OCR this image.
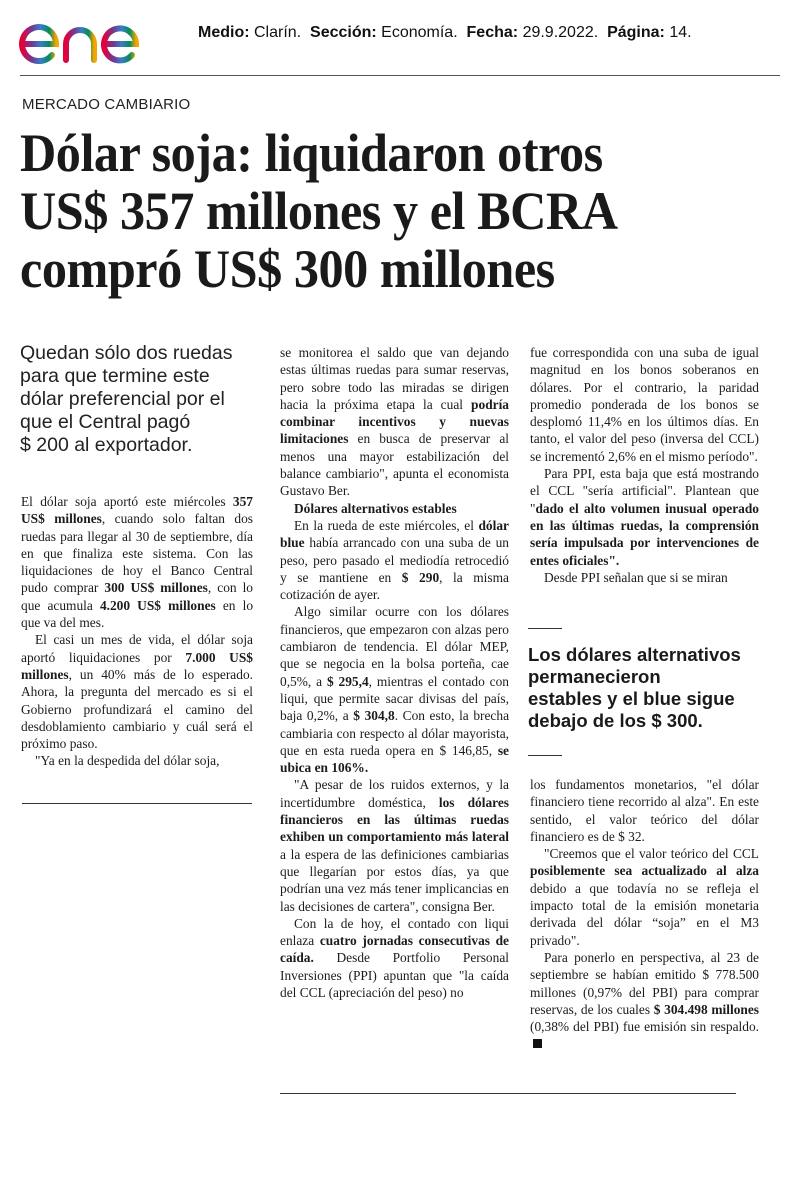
Medio: Clarín. Sección: Economía. Fecha: 29.9.2022. Página: 14.
MERCADO CAMBIARIO
Dólar soja: liquidaron otros
US$ 357 millones y el BCRA
compró US$ 300 millones
Quedan sólo dos ruedas
para que termine este
dólar preferencial por el
que el Central pagó
$ 200 al exportador.

El dólar soja aportó este miércoles 357 US$ millones, cuando solo faltan dos ruedas para llegar al 30 de septiembre, día en que finaliza este sistema. Con las liquidaciones de hoy el Banco Central pudo comprar 300 US$ millones, con lo que acumula 4.200 US$ millones en lo que va del mes.

El casi un mes de vida, el dólar soja aportó liquidaciones por 7.000 US$ millones, un 40% más de lo esperado. Ahora, la pregunta del mercado es si el Gobierno profundizará el camino del desdoblamiento cambiario y cuál será el próximo paso.

"Ya en la despedida del dólar soja,

se monitorea el saldo que van dejando estas últimas ruedas para sumar reservas, pero sobre todo las miradas se dirigen hacia la próxima etapa la cual podría combinar incentivos y nuevas limitaciones en busca de preservar al menos una mayor estabilización del balance cambiario", apunta el economista Gustavo Ber.

Dólares alternativos estables

En la rueda de este miércoles, el dólar blue había arrancado con una suba de un peso, pero pasado el mediodía retrocedió y se mantiene en $ 290, la misma cotización de ayer.

Algo similar ocurre con los dólares financieros, que empezaron con alzas pero cambiaron de tendencia. El dólar MEP, que se negocia en la bolsa porteña, cae 0,5%, a $ 295,4, mientras el contado con liqui, que permite sacar divisas del país, baja 0,2%, a $ 304,8. Con esto, la brecha cambiaria con respecto al dólar mayorista, que en esta rueda opera en $ 146,85, se ubica en 106%.

"A pesar de los ruidos externos, y la incertidumbre doméstica, los dólares financieros en las últimas ruedas exhiben un comportamiento más lateral a la espera de las definiciones cambiarias que llegarían por estos días, ya que podrían una vez más tener implicancias en las decisiones de cartera", consigna Ber.

Con la de hoy, el contado con liqui enlaza cuatro jornadas consecutivas de caída. Desde Portfolio Personal Inversiones (PPI) apuntan que "la caída del CCL (apreciación del peso) no

fue correspondida con una suba de igual magnitud en los bonos soberanos en dólares. Por el contrario, la paridad promedio ponderada de los bonos se desplomó 11,4% en los últimos días. En tanto, el valor del peso (inversa del CCL) se incrementó 2,6% en el mismo período".

Para PPI, esta baja que está mostrando el CCL "sería artificial". Plantean que "dado el alto volumen inusual operado en las últimas ruedas, la comprensión sería impulsada por intervenciones de entes oficiales".

Desde PPI señalan que si se miran

Los dólares alternativos
permanecieron
estables y el blue sigue
debajo de los $ 300.

los fundamentos monetarios, "el dólar financiero tiene recorrido al alza". En este sentido, el valor teórico del dólar financiero es de $ 32.

"Creemos que el valor teórico del CCL posiblemente sea actualizado al alza debido a que todavía no se refleja el impacto total de la emisión monetaria derivada del dólar “soja” en el M3 privado".

Para ponerlo en perspectiva, al 23 de septiembre se habían emitido $ 778.500 millones (0,97% del PBI) para comprar reservas, de los cuales $ 304.498 millones (0,38% del PBI) fue emisión sin respaldo.
